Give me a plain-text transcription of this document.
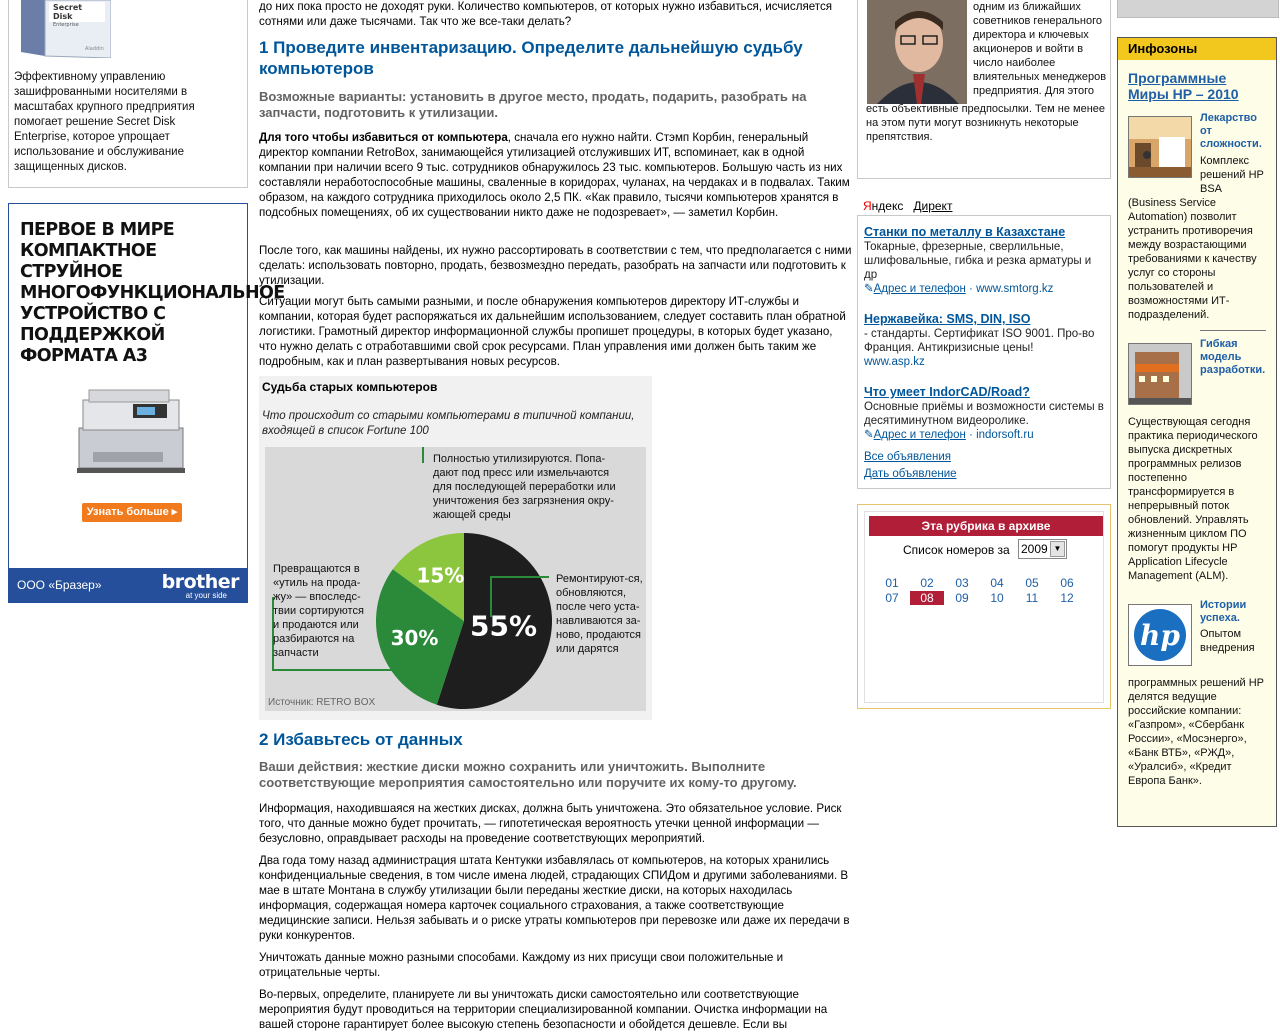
Secret
Disk
Enterprise
Aladdin
Эффективному управлению зашифрованными носителями в масштабах крупного предприятия помогает решение Secret Disk Enterprise, которое упрощает использование и обслуживание защищенных дисков.
ПЕРВОЕ В МИРЕ КОМПАКТНОЕ СТРУЙНОЕ МНОГОФУНКЦИОНАЛЬНОЕ УСТРОЙСТВО С ПОДДЕРЖКОЙ ФОРМАТА А3
Узнать больше ▸
ООО «Бразер»	brother
at your side

до них пока просто не доходят руки. Количество компьютеров, от которых нужно избавиться, исчисляется сотнями или даже тысячами. Так что же все-таки делать?

1 Проведите инвентаризацию. Определите дальнейшую судьбу компьютеров

Возможные варианты: установить в другое место, продать, подарить, разобрать на запчасти, подготовить к утилизации.

Для того чтобы избавиться от компьютера, сначала его нужно найти. Стэмп Корбин, генеральный директор компании RetroBox, занимающейся утилизацией отслуживших ИТ, вспоминает, как в одной компании при наличии всего 9 тыс. сотрудников обнаружилось 23 тыс. компьютеров. Большую часть из них составляли неработоспособные машины, сваленные в коридорах, чуланах, на чердаках и в подвалах. Таким образом, на каждого сотрудника приходилось около 2,5 ПК. «Как правило, тысячи компьютеров хранятся в подсобных помещениях, об их существовании никто даже не подозревает», — заметил Корбин.

После того, как машины найдены, их нужно рассортировать в соответствии с тем, что предполагается с ними сделать: использовать повторно, продать, безвозмездно передать, разобрать на запчасти или подготовить к утилизации.

Ситуации могут быть самыми разными, и после обнаружения компьютеров директору ИТ-службы и компании, которая будет распоряжаться их дальнейшим использованием, следует составить план обратной логистики. Грамотный директор информационной службы пропишет процедуры, в которых будет указано, что нужно делать с отработавшими свой срок ресурсами. План управления ими должен быть таким же подробным, как и план развертывания новых ресурсов.

2 Избавьтесь от данных

Ваши действия: жесткие диски можно сохранить или уничтожить. Выполните соответствующие мероприятия самостоятельно или поручите их кому-то другому.

Информация, находившаяся на жестких дисках, должна быть уничтожена. Это обязательное условие. Риск того, что данные можно будет прочитать, — гипотетическая вероятность утечки ценной информации — безусловно, оправдывает расходы на проведение соответствующих мероприятий.

Два года тому назад администрация штата Кентукки избавлялась от компьютеров, на которых хранились конфиденциальные сведения, в том числе имена людей, страдающих СПИДом и другими заболеваниями. В мае в штате Монтана в службу утилизации были переданы жесткие диски, на которых находилась информация, содержащая номера карточек социального страхования, а также соответствующие медицинские записи. Нельзя забывать и о риске утраты компьютеров при перевозке или даже их передачи в руки конкурентов.

Уничтожать данные можно разными способами. Каждому из них присущи свои положительные и отрицательные черты.

Во-первых, определите, планируете ли вы уничтожать диски самостоятельно или соответствующие мероприятия будут проводиться на территории специализированной компании. Очистка информации на вашей стороне гарантирует более высокую степень безопасности и обойдется дешевле. Если вы

Судьба старых компьютеров
Что происходит со старыми компьютерами в типичной компании, входящей в список Fortune 100
55%
30%
15%
Полностью утилизируются. Попа-дают под пресс или измельчаются для последующей переработки или уничтожения без загрязнения окру-жающей среды
Превращаются в «утиль на прода-жу» — впоследс-твии сортируются и продаются или разбираются на запчасти
Ремонтируют-ся, обновляются, после чего уста-навливаются за-ново, продаются или дарятся
Источник: RETRO BOX
одним из ближайших советников генерального директора и ключевых акционеров и войти в число наиболее влиятельных менеджеров предприятия. Для этого
есть объективные предпосылки. Тем не менее на этом пути могут возникнуть некоторые препятствия.
Яндекс Директ
Станки по металлу в Казахстане
Токарные, фрезерные, сверлильные, шлифовальные, гибка и резка арматуры и др
✎Адрес и телефон · www.smtorg.kz
Нержавейка: SMS, DIN, ISO
- стандарты. Сертификат ISO 9001. Про-во Франция. Антикризисные цены!
www.asp.kz
Что умеет IndorCAD/Road?
Основные приёмы и возможности системы в десятиминутном видеоролике.
✎Адрес и телефон · indorsoft.ru
Все объявления
Дать объявление
Эта рубрика в архиве
Список номеров за 2009 ▼
01	02	03	04	05	06
07	08	09	10	11	12
Инфозоны
Программные Миры HP – 2010
Лекарство от сложности.
Комплекс решений HP BSA
(Business Service Automation) позволит устранить противоречия между возрастающими требованиями к качеству услуг со стороны пользователей и возможностями ИТ-подразделений.
Гибкая модель разработки.
Существующая сегодня практика периодического выпуска дискретных программных релизов постепенно трансформируется в непрерывный поток обновлений. Управлять жизненным циклом ПО помогут продукты HP Application Lifecycle Management (ALM).
hp
Истории успеха.
Опытом внедрения
программных решений HP делятся ведущие российские компании: «Газпром», «Сбербанк России», «Мосэнерго», «Банк ВТБ», «РЖД», «Уралсиб», «Кредит Европа Банк».
